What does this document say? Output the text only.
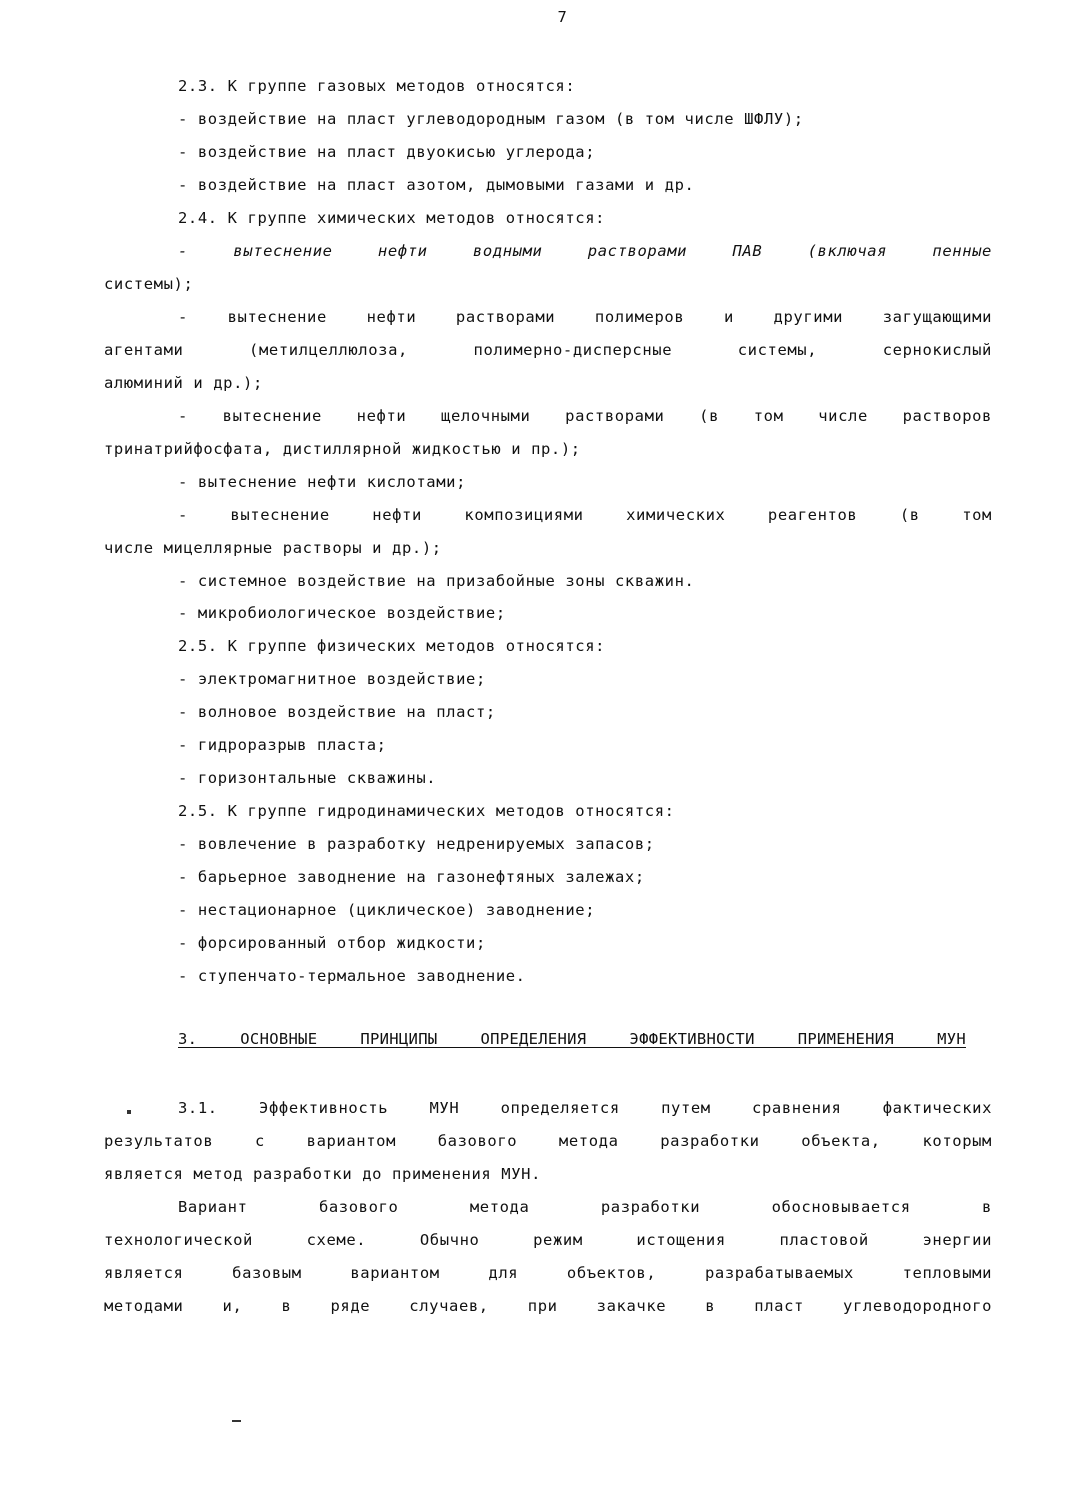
7
2.3. К группе газовых методов относятся:
- воздействие на пласт углеводородным газом (в том числе ШФЛУ);
- воздействие на пласт двуокисью углерода;
- воздействие на пласт азотом, дымовыми газами и др.
2.4. К группе химических методов относятся:
- вытеснение нефти водными растворами ПАВ (включая пенные
системы);
- вытеснение нефти растворами полимеров и другими загущающими
агентами (метилцеллюлоза, полимерно-дисперсные системы, сернокислый
алюминий и др.);
- вытеснение нефти щелочными растворами (в том числе растворов
тринатрийфосфата, дистиллярной жидкостью и пр.);
- вытеснение нефти кислотами;
- вытеснение нефти композициями химических реагентов (в том
числе мицеллярные растворы и др.);
- системное воздействие на призабойные зоны скважин.
- микробиологическое воздействие;
2.5. К группе физических методов относятся:
- электромагнитное воздействие;
- волновое воздействие на пласт;
- гидроразрыв пласта;
- горизонтальные скважины.
2.5. К группе гидродинамических методов относятся:
- вовлечение в разработку недренируемых запасов;
- барьерное заводнение на газонефтяных залежах;
- нестационарное (циклическое) заводнение;
- форсированный отбор жидкости;
- ступенчато-термальное заводнение.
3. ОСНОВНЫЕ ПРИНЦИПЫ ОПРЕДЕЛЕНИЯ ЭФФЕКТИВНОСТИ ПРИМЕНЕНИЯ МУН
3.1. Эффективность МУН определяется путем сравнения фактических
результатов с вариантом базового метода разработки объекта, которым
является метод разработки до применения МУН.
Вариант базового метода разработки обосновывается в
технологической схеме. Обычно режим истощения пластовой энергии
является базовым вариантом для объектов, разрабатываемых тепловыми
методами и, в ряде случаев, при закачке в пласт углеводородного
